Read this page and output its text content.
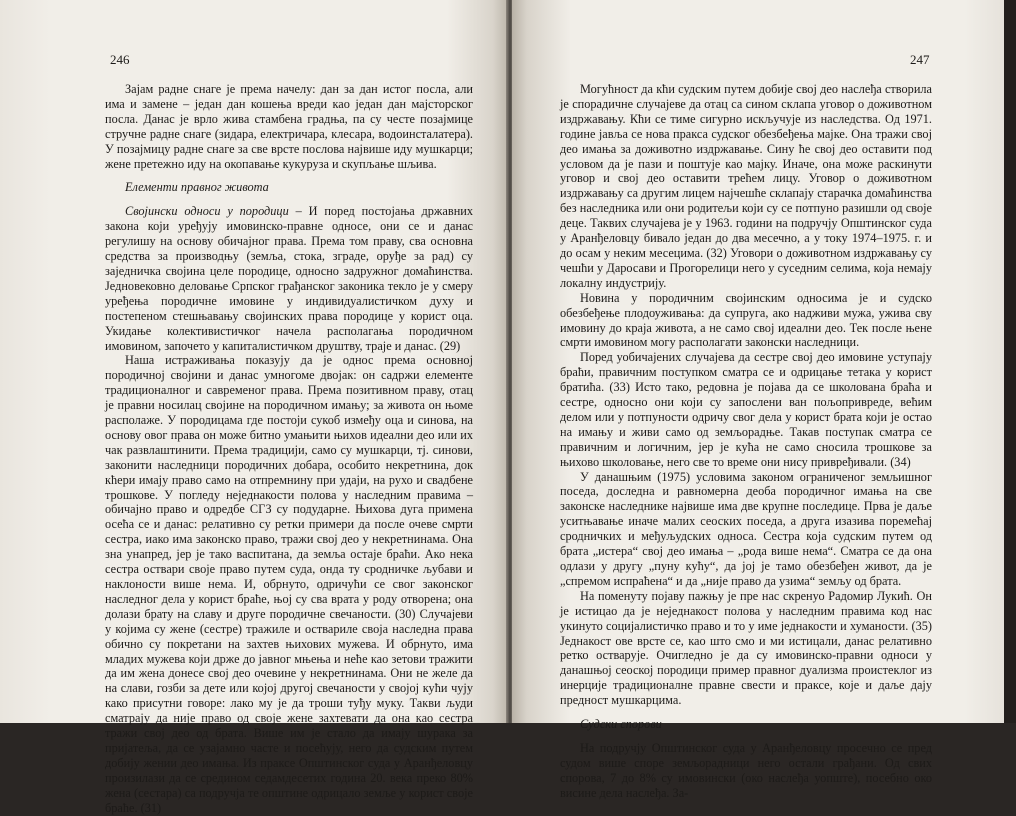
246

Зајам радне снаге је према начелу: дан за дан истог посла, али има и замене – један дан кошења вреди као један дан мајсторског посла. Данас је врло жива стамбена градња, па су честе позајмице стручне радне снаге (зидара, електричара, клесара, водоинсталатера). У позајмицу радне снаге за све врсте послова највише иду мушкарци; жене претежно иду на окопавање кукуруза и скупљање шљива.

Елементи правног живота

Својински односи у породици – И поред постојања државних закона који уређују имовинско-правне односе, они се и данас регулишу на основу обичајног права. Према том праву, сва основна средства за производњу (земља, стока, зграде, оруђе за рад) су заједничка својина целе породице, односно задружног домаћинства. Једновековно деловање Српског грађанског законика текло је у смеру уређења породичне имовине у индивидуалистичком духу и постепеном стешњавању својинских права породице у корист оца. Укидање колективистичког начела располагања породичном имовином, започето у капиталистичком друштву, траје и данас. (29)

Наша истраживања показују да је однос према основној породичној својини и данас умногоме двојак: он садржи елементе традиционалног и савременог права. Према позитивном праву, отац је правни носилац својине на породичном имању; за живота он њоме располаже. У породицама где постоји сукоб између оца и синова, на основу овог права он може битно умањити њихов идеални део или их чак развлаштинити. Према традицији, само су мушкарци, тј. синови, законити наследници породичних добара, особито некретнина, док кћери имају право само на отпремнину при удаји, на рухо и свадбене трошкове. У погледу неједнакости полова у наследним правима – обичајно право и одредбе СГЗ су подударне. Њихова дуга примена осећа се и данас: релативно су ретки примери да после очеве смрти сестра, иако има законско право, тражи свој део у некретнинама. Она зна унапред, јер је тако васпитана, да земља остаје браћи. Ако нека сестра оствари своје право путем суда, онда ту сродничке љубави и наклоности више нема. И, обрнуто, одричући се свог законског наследног дела у корист браће, њој су сва врата у роду отворена; она долази брату на славу и друге породичне свечаности. (30) Случајеви у којима су жене (сестре) тражиле и оствариле своја наследна права обично су покретани на захтев њихових мужева. И обрнуто, има младих мужева који држе до јавног мњења и неће као зетови тражити да им жена донесе свој део очевине у некретнинама. Они не желе да на слави, гозби за дете или којој другој свечаности у својој кући чују како присутни говоре: лако му је да троши туђу муку. Такви људи сматрају да није право од своје жене захтевати да она као сестра тражи свој део од брата. Више им је стало да имају шурака за пријатеља, да се узајамно часте и посећују, него да судским путем добију жении део имања. Из праксе Општинског суда у Аранђеловцу произилази да се средином седамдесетих година 20. века преко 80% жена (сестара) са подручја те општине одрицало земље у корист своје браће. (31)

247

Могућност да кћи судским путем добије свој део наслеђа створила је спорадичне случајеве да отац са сином склапа уговор о доживотном издржавању. Кћи се тиме сигурно искључује из наследства. Од 1971. године јавља се нова пракса судског обезбеђења мајке. Она тражи свој део имања за доживотно издржавање. Сину ће свој део оставити под условом да је пази и поштује као мајку. Иначе, она може раскинути уговор и свој део оставити трећем лицу. Уговор о доживотном издржавању са другим лицем најчешће склапају старачка домаћинства без наследника или они родитељи који су се потпуно разишли од своје деце. Таквих случајева је у 1963. години на подручју Општинског суда у Аранђеловцу бивало један до два месечно, а у току 1974–1975. г. и до осам у неким месецима. (32) Уговори о доживотном издржавању су чешћи у Даросави и Прогорелици него у суседним селима, која немају локалну индустрију.

Новина у породичним својинским односима је и судско обезбеђење плодоуживања: да супруга, ако надживи мужа, ужива сву имовину до краја живота, а не само свој идеални део. Тек после њене смрти имовином могу располагати законски наследници.

Поред уобичајених случајева да сестре свој део имовине уступају браћи, правичним поступком сматра се и одрицање тетака у корист братића. (33) Исто тако, редовна је појава да се школована браћа и сестре, односно они који су запослени ван пољопривреде, већим делом или у потпуности одричу свог дела у корист брата који је остао на имању и живи само од земљорадње. Такав поступак сматра се правичним и логичним, јер је кућа не само сносила трошкове за њихово школовање, него све то време они нису привређивали. (34)

У данашњим (1975) условима законом ограниченог земљишног поседа, доследна и равномерна деоба породичног имања на све законске наследнике највише има две крупне последице. Прва је даље уситњавање иначе малих сеоских поседа, а друга изазива поремећај сродничких и међуљудских односа. Сестра која судским путем од брата „истера“ свој део имања – „рода више нема“. Сматра се да она одлази у другу „пуну кућу“, да јој је тамо обезбеђен живот, да је „спремом испраћена“ и да „није право да узима“ земљу од брата.

На поменуту појаву пажњу је пре нас скренуо Радомир Лукић. Он је истицао да је неједнакост полова у наследним правима код нас укинуто социјалистичко право и то у име једнакости и хуманости. (35) Једнакост ове врсте се, као што смо и ми истицали, данас релативно ретко остварује. Очигледно је да су имовинско-правни односи у данашњој сеоској породици пример правног дуализма проистеклог из инерције традиционалне правне свести и праксе, које и даље дају предност мушкарцима.

Судски спорови

На подручју Општинског суда у Аранђеловцу просечно се пред судом више споре земљорадници него остали грађани. Од свих спорова, 7 до 8% су имовински (око наслеђа уопште), посебно око висине дела наслеђа. За-
